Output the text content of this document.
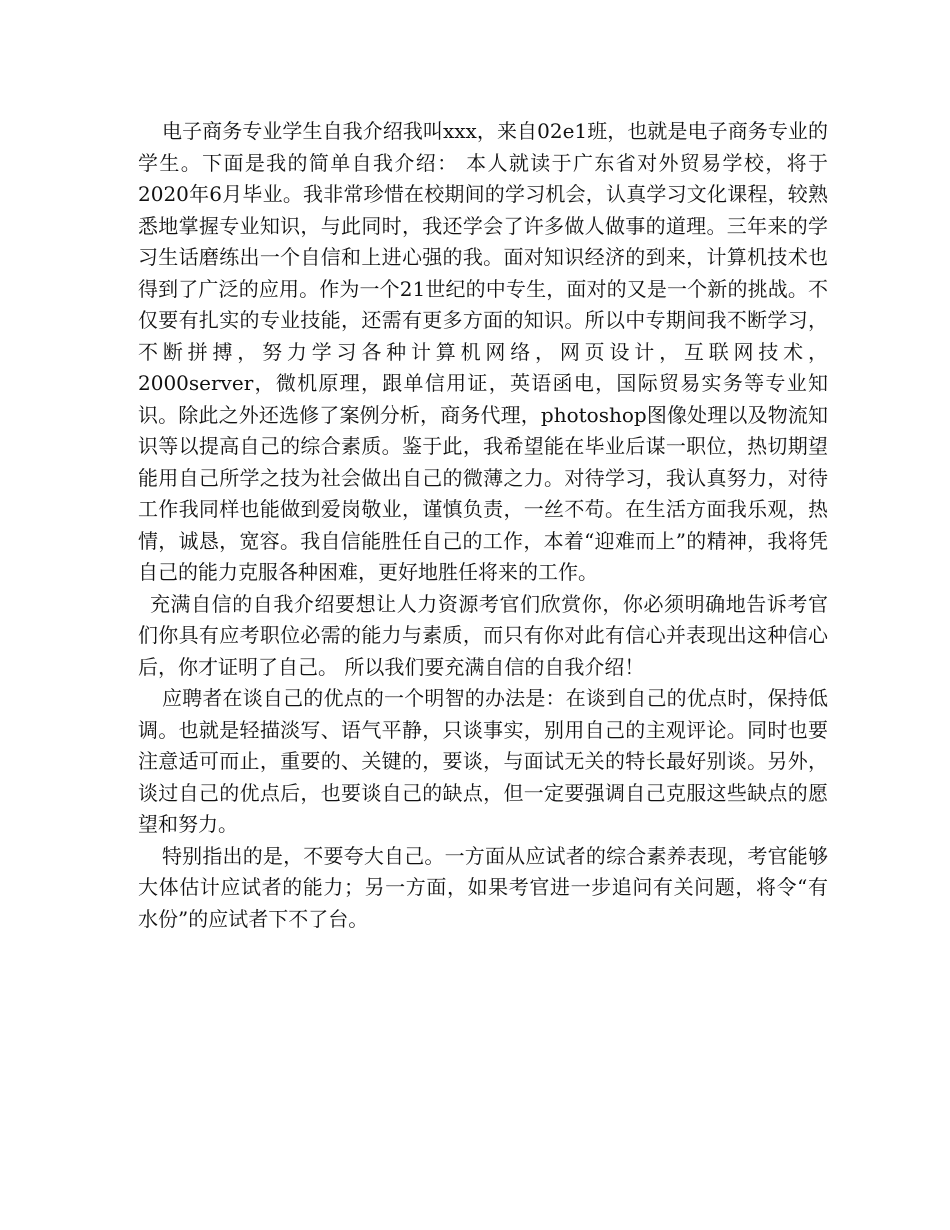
电子商务专业学生自我介绍我叫xxx，来自02e1班，也就是电子商务专业的学生。下面是我的简单自我介绍： 本人就读于广东省对外贸易学校，将于2020年6月毕业。我非常珍惜在校期间的学习机会，认真学习文化课程，较熟悉地掌握专业知识，与此同时，我还学会了许多做人做事的道理。三年来的学习生话磨练出一个自信和上进心强的我。面对知识经济的到来，计算机技术也得到了广泛的应用。作为一个21世纪的中专生，面对的又是一个新的挑战。不仅要有扎实的专业技能，还需有更多方面的知识。所以中专期间我不断学习，不断拼搏，努力学习各种计算机网络，网页设计，互联网技术，2000server，微机原理，跟单信用证，英语函电，国际贸易实务等专业知识。除此之外还选修了案例分析，商务代理，photoshop图像处理以及物流知识等以提高自己的综合素质。鉴于此，我希望能在毕业后谋一职位，热切期望能用自己所学之技为社会做出自己的微薄之力。对待学习，我认真努力，对待工作我同样也能做到爱岗敬业，谨慎负责，一丝不苟。在生活方面我乐观，热情，诚恳，宽容。我自信能胜任自己的工作，本着“迎难而上”的精神，我将凭自己的能力克服各种困难，更好地胜任将来的工作。

充满自信的自我介绍要想让人力资源考官们欣赏你，你必须明确地告诉考官们你具有应考职位必需的能力与素质，而只有你对此有信心并表现出这种信心后，你才证明了自己。 所以我们要充满自信的自我介绍！

应聘者在谈自己的优点的一个明智的办法是：在谈到自己的优点时，保持低调。也就是轻描淡写、语气平静，只谈事实，别用自己的主观评论。同时也要注意适可而止，重要的、关键的，要谈，与面试无关的特长最好别谈。另外，谈过自己的优点后，也要谈自己的缺点，但一定要强调自己克服这些缺点的愿望和努力。

特别指出的是，不要夸大自己。一方面从应试者的综合素养表现，考官能够大体估计应试者的能力；另一方面，如果考官进一步追问有关问题，将令“有水份”的应试者下不了台。
